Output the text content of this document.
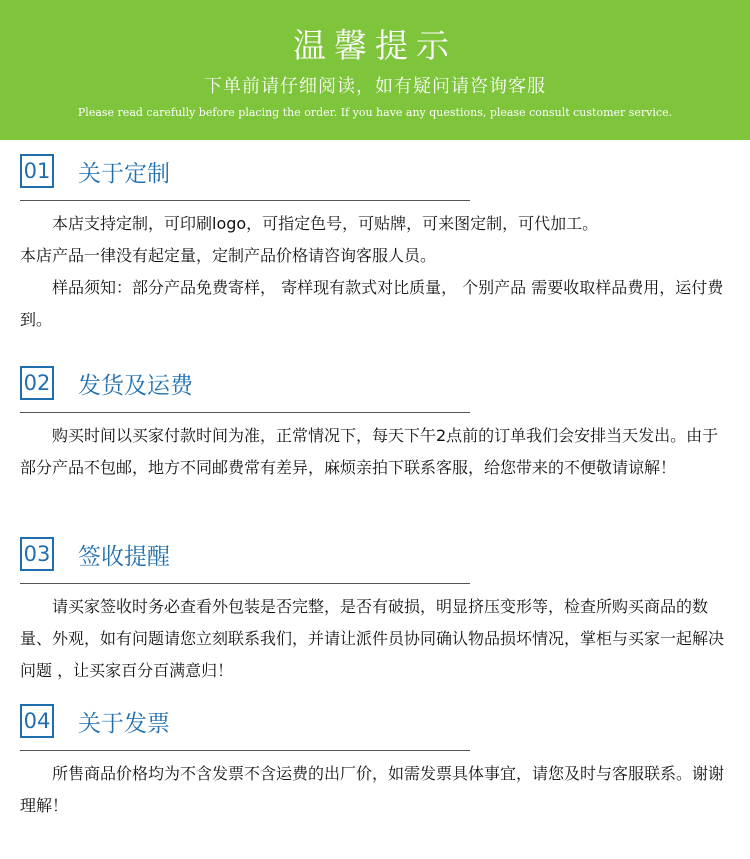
温馨提示
下单前请仔细阅读，如有疑问请咨询客服
Please read carefully before placing the order. If you have any questions, please consult customer service.
01 关于定制

　　本店支持定制，可印刷logo，可指定色号，可贴牌，可来图定制，可代加工。

本店产品一律没有起定量，定制产品价格请咨询客服人员。

　　样品须知：部分产品免费寄样， 寄样现有款式对比质量， 个别产品 需要收取样品费用，运付费到。

02 发货及运费

　　购买时间以买家付款时间为准，正常情况下，每天下午2点前的订单我们会安排当天发出。由于部分产品不包邮，地方不同邮费常有差异，麻烦亲拍下联系客服，给您带来的不便敬请谅解！

03 签收提醒

　　请买家签收时务必查看外包装是否完整，是否有破损，明显挤压变形等，检查所购买商品的数量、外观，如有问题请您立刻联系我们，并请让派件员协同确认物品损坏情况，掌柜与买家一起解决问题 ，让买家百分百满意归！

04 关于发票

　　所售商品价格均为不含发票不含运费的出厂价，如需发票具体事宜，请您及时与客服联系。谢谢理解！
